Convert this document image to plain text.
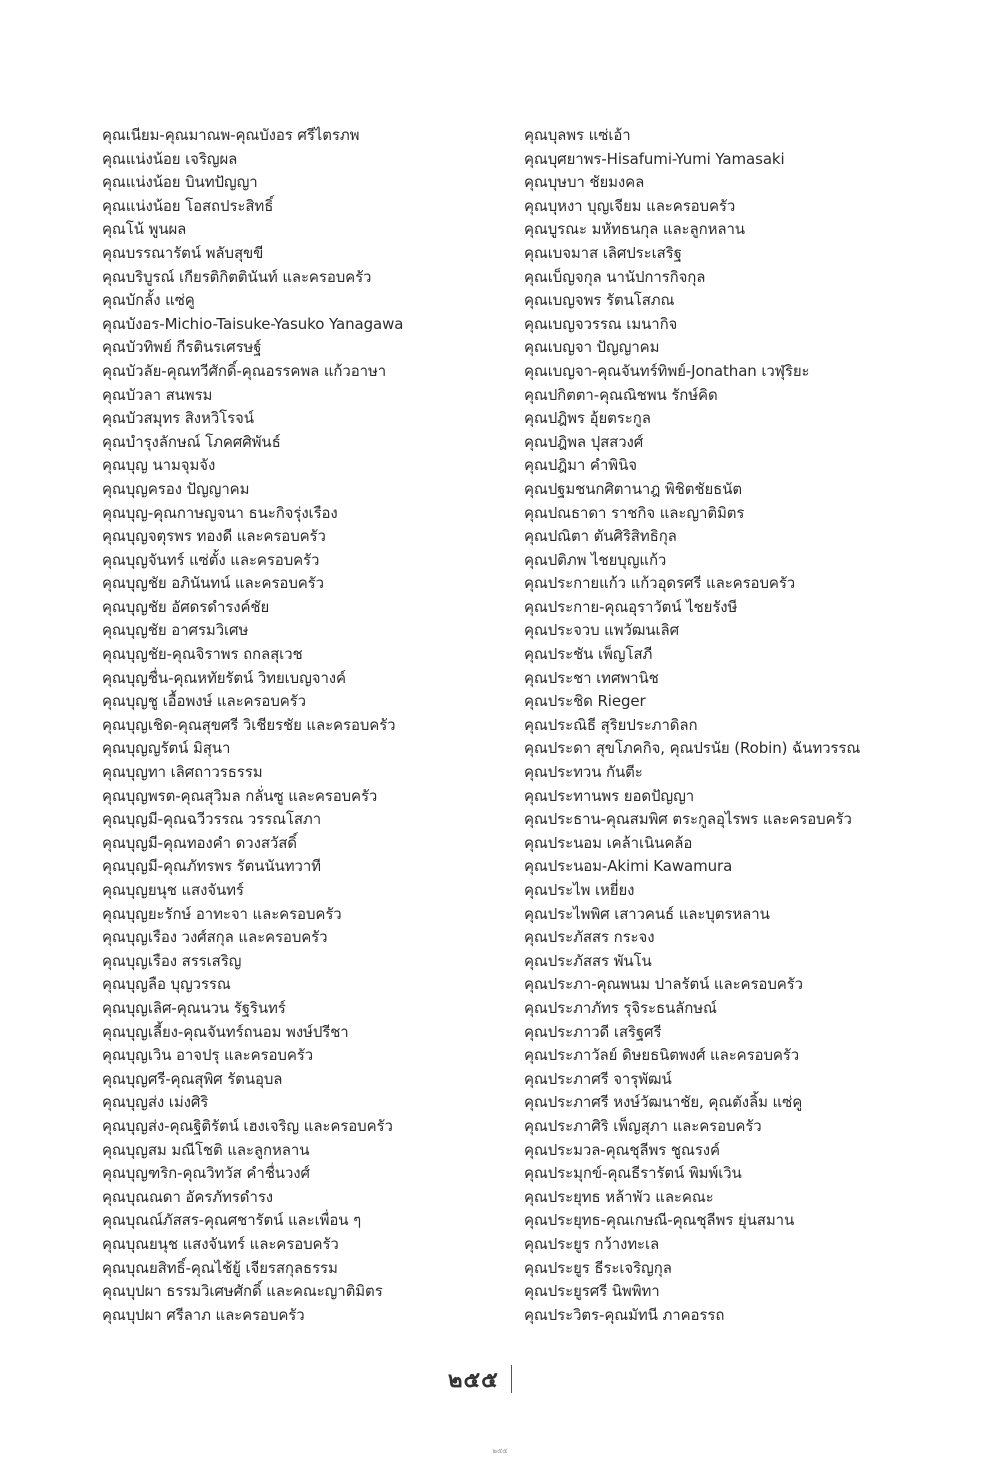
คุณเนียม-คุณมาณพ-คุณบังอร ศรีไตรภพ
คุณแน่งน้อย เจริญผล
คุณแน่งน้อย บินทปัญญา
คุณแน่งน้อย โอสถประสิทธิ์
คุณโน้ พูนผล
คุณบรรณารัตน์ พลับสุขขี
คุณบริบูรณ์ เกียรติกิตตินันท์ และครอบครัว
คุณบักลั้ง แซ่คู
คุณบังอร-Michio-Taisuke-Yasuko Yanagawa
คุณบัวทิพย์ กีรตินรเศรษฐ์
คุณบัวลัย-คุณทวีศักดิ์-คุณอรรคพล แก้วอาษา
คุณบัวลา สนพรม
คุณบัวสมุทร สิงหวิโรจน์
คุณบำรุงลักษณ์ โภคศศิพันธ์
คุณบุญ นามจุมจัง
คุณบุญครอง ปัญญาคม
คุณบุญ-คุณกาษญจนา ธนะกิจรุ่งเรือง
คุณบุญจตุรพร ทองดี และครอบครัว
คุณบุญจันทร์ แซ่ตั้ง และครอบครัว
คุณบุญชัย อภินันทน์ และครอบครัว
คุณบุญชัย อัศดรดำรงค์ชัย
คุณบุญชัย อาศรมวิเศษ
คุณบุญชัย-คุณจิราพร ถกลสุเวช
คุณบุญชื่น-คุณหทัยรัตน์ วิทยเบญจางค์
คุณบุญชู เอื้อพงษ์ และครอบครัว
คุณบุญเชิด-คุณสุขศรี วิเชียรชัย และครอบครัว
คุณบุญญรัตน์ มิสุนา
คุณบุญทา เลิศถาวรธรรม
คุณบุญพรต-คุณสุวิมล กลั่นซู และครอบครัว
คุณบุญมี-คุณฉวีวรรณ วรรณโสภา
คุณบุญมี-คุณทองคำ ดวงสวัสดิ์
คุณบุญมี-คุณภัทรพร รัตนนันทวาที
คุณบุญยนุช แสงจันทร์
คุณบุญยะรักษ์ อาทะจา และครอบครัว
คุณบุญเรือง วงศ์สกุล และครอบครัว
คุณบุญเรือง สรรเสริญ
คุณบุญลือ บุญวรรณ
คุณบุญเลิศ-คุณนวน รัฐรินทร์
คุณบุญเลี้ยง-คุณจันทร์ถนอม พงษ์ปรีชา
คุณบุญเวิน อาจปรุ และครอบครัว
คุณบุญศรี-คุณสุพิศ รัตนอุบล
คุณบุญส่ง เม่งศิริ
คุณบุญส่ง-คุณฐิติรัตน์ เฮงเจริญ และครอบครัว
คุณบุญสม มณีโชติ และลูกหลาน
คุณบุญฑริก-คุณวิทวัส คำชื่นวงศ์
คุณบุณณดา อัครภัทรดำรง
คุณบุณณ์ภัสสร-คุณศชารัตน์ และเพื่อน ๆ
คุณบุณยนุช แสงจันทร์ และครอบครัว
คุณบุณยสิทธิ์-คุณไช้ยู้ เจียรสกุลธรรม
คุณบุปผา ธรรมวิเศษศักดิ์ และคณะญาติมิตร
คุณบุปผา ศรีลาภ และครอบครัว
คุณบุลพร แซ่เอ้า
คุณบุศยาพร-Hisafumi-Yumi Yamasaki
คุณบุษบา ชัยมงคล
คุณบุหงา บุญเจียม และครอบครัว
คุณบูรณะ มหัทธนกุล และลูกหลาน
คุณเบจมาส เลิศประเสริฐ
คุณเบ็ญจกุล นานัปการกิจกุล
คุณเบญจพร รัตนโสภณ
คุณเบญจวรรณ เมนากิจ
คุณเบญจา ปัญญาคม
คุณเบญจา-คุณจันทร์ทิพย์-Jonathan เวฬุริยะ
คุณปกิตตา-คุณณิชพน รักษ์คิด
คุณปฎิพร อุ้ยตระกูล
คุณปฎิพล ปุสสวงศ์
คุณปฎิมา คำพินิจ
คุณปฐมชนกศิตานาฎ พิชิตชัยธนัต
คุณปณธาดา ราชกิจ และญาติมิตร
คุณปณิตา ตันศิริสิทธิกุล
คุณปติภพ ไชยบุญแก้ว
คุณประกายแก้ว แก้วอุดรศรี และครอบครัว
คุณประกาย-คุณอุราวัตน์ ไชยรังษี
คุณประจวบ แพวัฒนเลิศ
คุณประชัน เพ็ญโสภี
คุณประชา เทศพานิช
คุณประชิด Rieger
คุณประณิธี สุริยประภาดิลก
คุณประดา สุขโภคกิจ, คุณปรนัย (Robin) ฉันทวรรณ
คุณประทวน กันตีะ
คุณประทานพร ยอดปัญญา
คุณประธาน-คุณสมพิศ ตระกูลอุไรพร และครอบครัว
คุณประนอม เคล้าเนินคล้อ
คุณประนอม-Akimi Kawamura
คุณประไพ เหยี่ยง
คุณประไพพิศ เสาวคนธ์ และบุตรหลาน
คุณประภัสสร กระจง
คุณประภัสสร พันโน
คุณประภา-คุณพนม ปาลรัตน์ และครอบครัว
คุณประภาภัทร รุจิระธนลักษณ์
คุณประภาวดี เสริฐศรี
คุณประภาวัลย์ ดิษยธนิตพงศ์ และครอบครัว
คุณประภาศรี จารุพัฒน์
คุณประภาศรี หงษ์วัฒนาชัย, คุณตังลิ้ม แซ่คู
คุณประภาศิริ เพ็ญสุภา และครอบครัว
คุณประมวล-คุณชุลีพร ชูณรงค์
คุณประมุกข์-คุณธีรารัตน์ พิมพ์เวิน
คุณประยุทธ หล้าพัว และคณะ
คุณประยุทธ-คุณเกษณี-คุณชุลีพร ยุ่นสมาน
คุณประยูร กว้างทะเล
คุณประยูร ธีระเจริญกุล
คุณประยูรศรี นิพพิทา
คุณประวิตร-คุณมัทนี ภาคอรรถ
๒๕๕
๒๕๕
